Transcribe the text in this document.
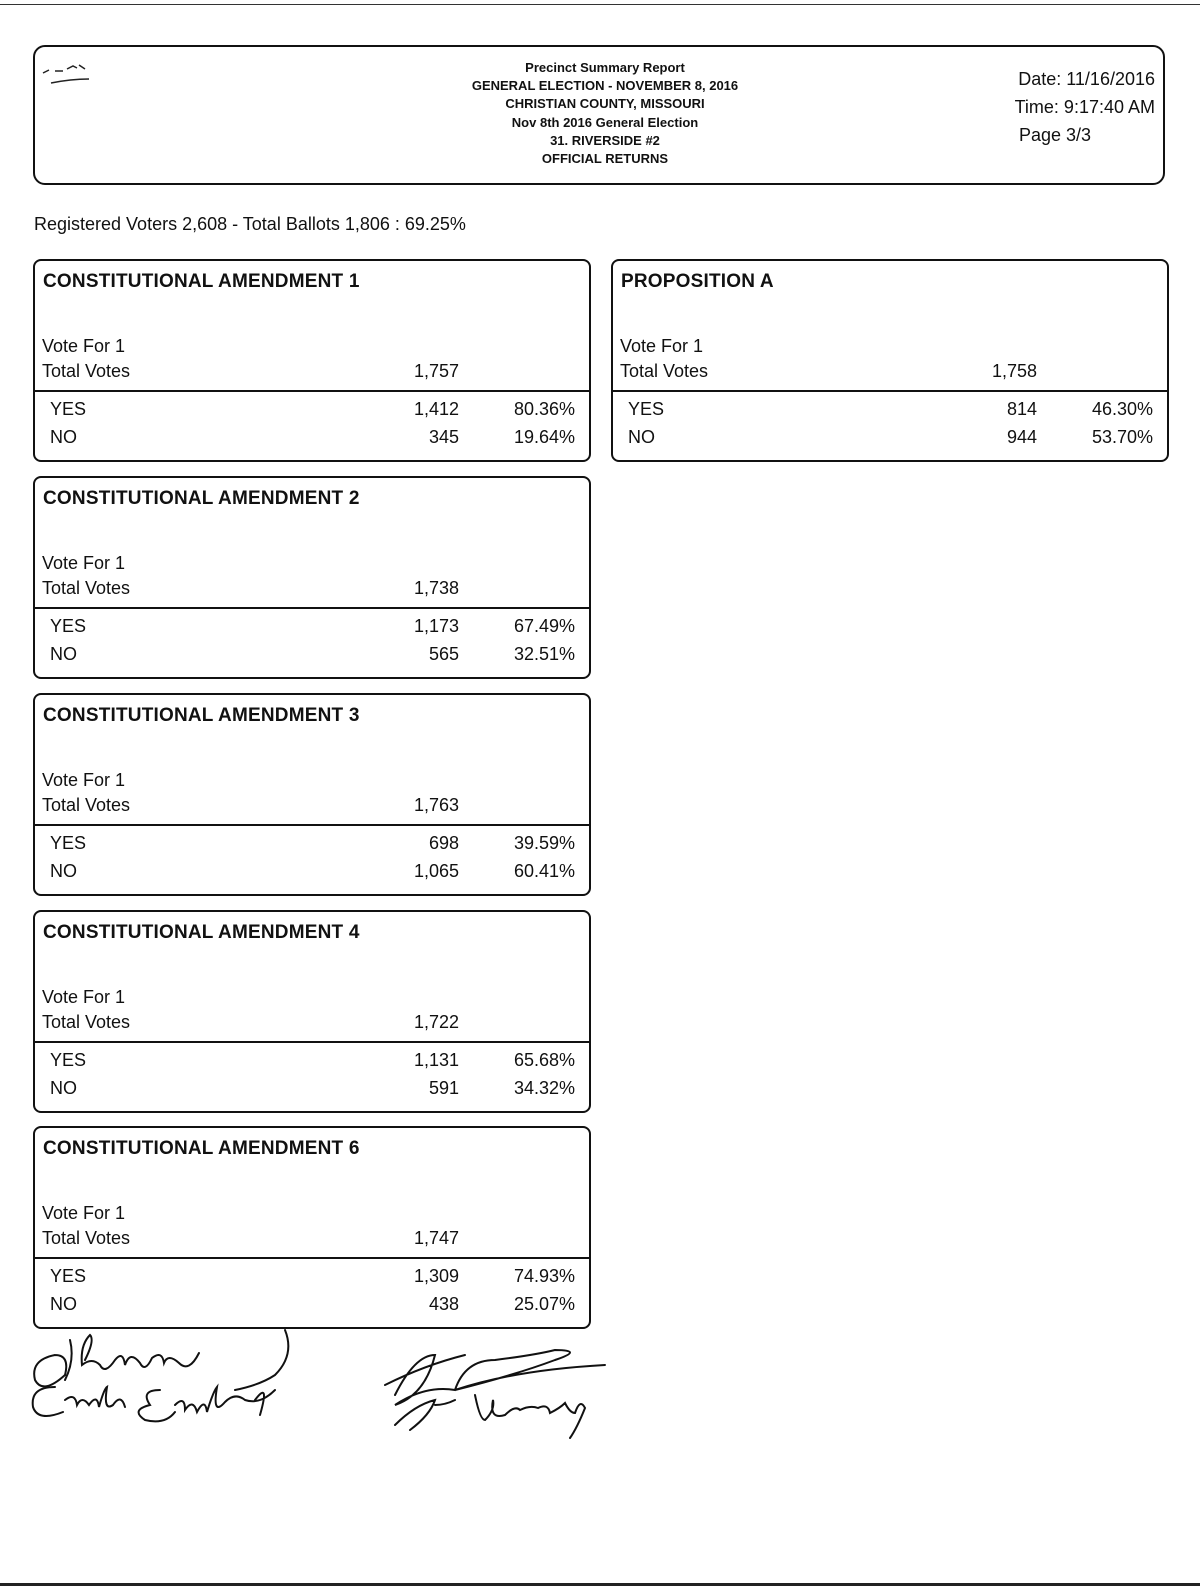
Precinct Summary Report
GENERAL ELECTION - NOVEMBER 8, 2016
CHRISTIAN COUNTY, MISSOURI
Nov 8th 2016 General Election
31. RIVERSIDE #2
OFFICIAL RETURNS
Date: 11/16/2016
Time: 9:17:40 AM
Page 3/3
Registered Voters 2,608 - Total Ballots 1,806 : 69.25%
CONSTITUTIONAL AMENDMENT 1
Vote For 1
Total Votes	1,757
YES	1,412	80.36%
NO	345	19.64%
CONSTITUTIONAL AMENDMENT 2
Vote For 1
Total Votes	1,738
YES	1,173	67.49%
NO	565	32.51%
CONSTITUTIONAL AMENDMENT 3
Vote For 1
Total Votes	1,763
YES	698	39.59%
NO	1,065	60.41%
CONSTITUTIONAL AMENDMENT 4
Vote For 1
Total Votes	1,722
YES	1,131	65.68%
NO	591	34.32%
CONSTITUTIONAL AMENDMENT 6
Vote For 1
Total Votes	1,747
YES	1,309	74.93%
NO	438	25.07%
PROPOSITION A
Vote For 1
Total Votes	1,758
YES	814	46.30%
NO	944	53.70%
